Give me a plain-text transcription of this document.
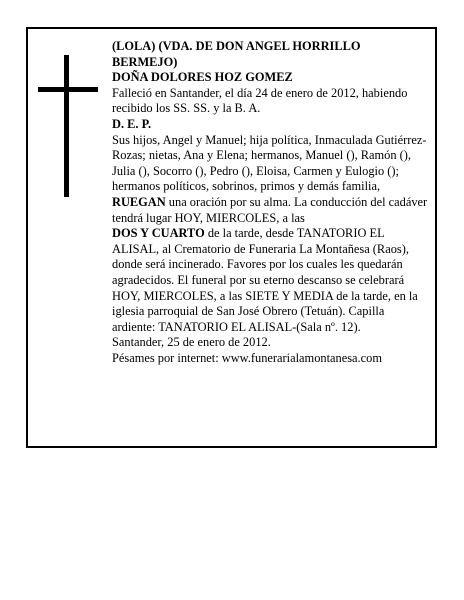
(LOLA) (VDA. DE DON ANGEL HORRILLO BERMEJO)

DOÑA DOLORES HOZ GOMEZ

Falleció en Santander, el día 24 de enero de 2012, habiendo recibido los SS. SS. y la B. A.

D. E. P.

Sus hijos, Angel y Manuel; hija política, Inmaculada Gutiérrez-Rozas; nietas, Ana y Elena; hermanos, Manuel (), Ramón (), Julia (), Socorro (), Pedro (), Eloisa, Carmen y Eulogio (); hermanos políticos, sobrinos, primos y demás familia,

RUEGAN una oración por su alma. La conducción del cadáver tendrá lugar HOY, MIERCOLES, a las

DOS Y CUARTO de la tarde, desde TANATORIO EL ALISAL, al Crematorio de Funeraria La Montañesa (Raos), donde será incinerado. Favores por los cuales les quedarán agradecidos. El funeral por su eterno descanso se celebrará HOY, MIERCOLES, a las SIETE Y MEDIA de la tarde, en la iglesia parroquial de San José Obrero (Tetuán). Capilla ardiente: TANATORIO EL ALISAL-(Sala nº. 12).

Santander, 25 de enero de 2012.

Pésames por internet: www.funerarialamontanesa.com
